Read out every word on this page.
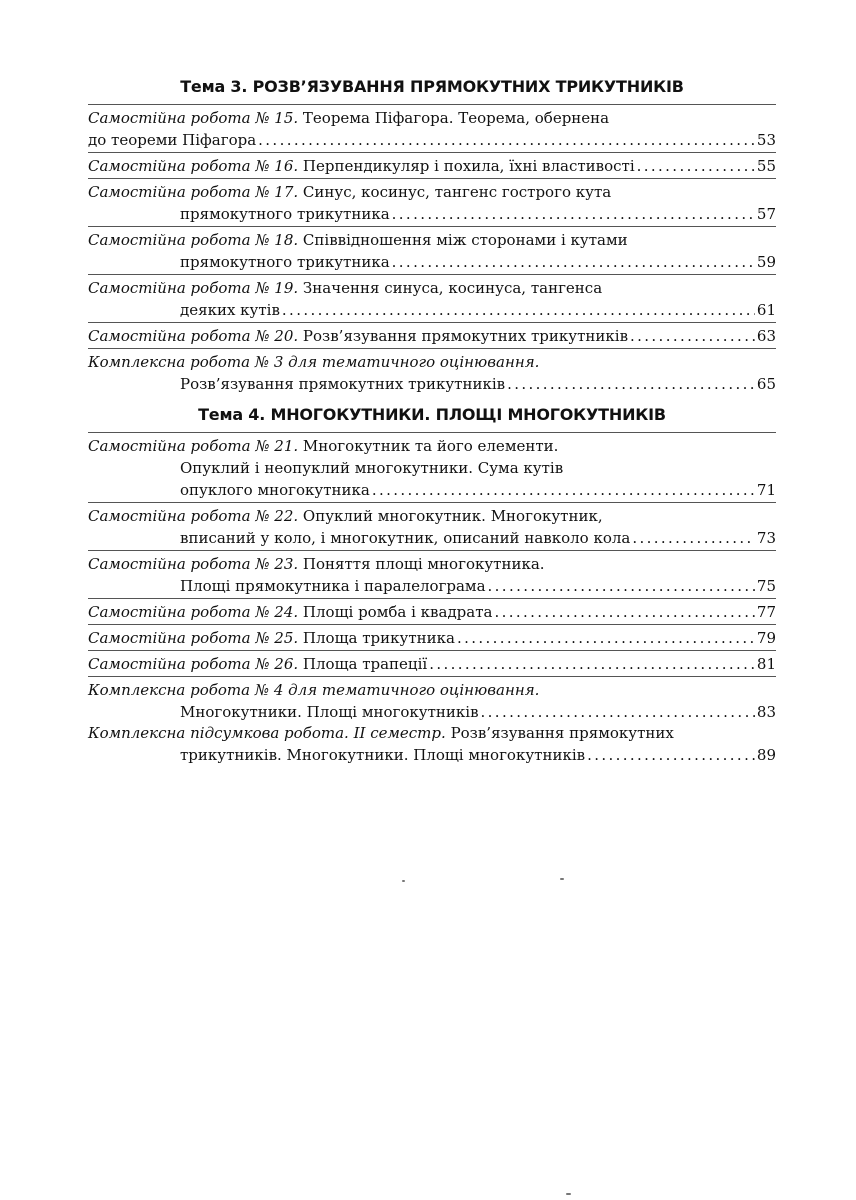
Тема 3. РОЗВ’ЯЗУВАННЯ ПРЯМОКУТНИХ ТРИКУТНИКІВ
Самостійна робота № 15. Теорема Піфагора. Теорема, обернена
до теореми Піфагора . . .	53
Самостійна робота № 16. Перпендикуляр і похила, їхні властивості . . .	55
Самостійна робота № 17. Синус, косинус, тангенс гострого кута
прямокутного трикутника . . .	57
Самостійна робота № 18. Співвідношення між сторонами і кутами
прямокутного трикутника . . .	59
Самостійна робота № 19. Значення синуса, косинуса, тангенса
деяких кутів . . .	61
Самостійна робота № 20. Розв’язування прямокутних трикутників . . .	63
Комплексна робота № 3 для тематичного оцінювання.
Розв’язування прямокутних трикутників . . .	65
Тема 4. МНОГОКУТНИКИ. ПЛОЩІ МНОГОКУТНИКІВ
Самостійна робота № 21. Многокутник та його елементи.
Опуклий і неопуклий многокутники. Сума кутів
опуклого многокутника . . .	71
Самостійна робота № 22. Опуклий многокутник. Многокутник,
вписаний у коло, і многокутник, описаний навколо кола . . .	73
Самостійна робота № 23. Поняття площі многокутника.
Площі прямокутника і паралелограма . . .	75
Самостійна робота № 24. Площі ромба і квадрата . . .	77
Самостійна робота № 25. Площа трикутника . . .	79
Самостійна робота № 26. Площа трапеції . . .	81
Комплексна робота № 4 для тематичного оцінювання.
Многокутники. Площі многокутників . . .	83
Комплексна підсумкова робота. ІІ семестр. Розв’язування прямокутних
трикутників. Многокутники. Площі многокутників . . .	89
